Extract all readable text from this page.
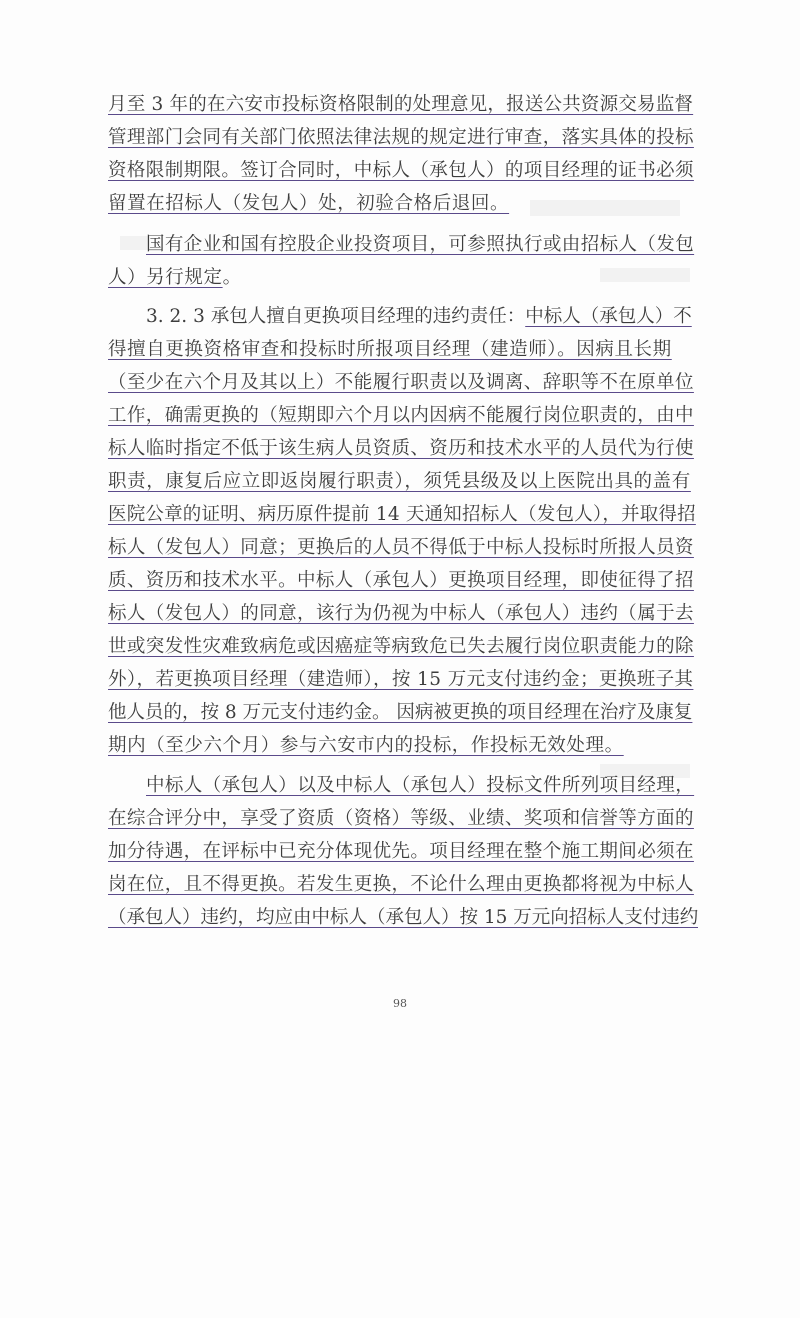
月至 3 年的在六安市投标资格限制的处理意见，报送公共资源交易监督
管理部门会同有关部门依照法律法规的规定进行审查，落实具体的投标
资格限制期限。签订合同时，中标人（承包人）的项目经理的证书必须
留置在招标人（发包人）处，初验合格后退回。
国有企业和国有控股企业投资项目，可参照执行或由招标人（发包
人）另行规定。
3. 2. 3 承包人擅自更换项目经理的违约责任：中标人（承包人）不
得擅自更换资格审查和投标时所报项目经理（建造师）。因病且长期
（至少在六个月及其以上）不能履行职责以及调离、辞职等不在原单位
工作，确需更换的（短期即六个月以内因病不能履行岗位职责的，由中
标人临时指定不低于该生病人员资质、资历和技术水平的人员代为行使
职责，康复后应立即返岗履行职责），须凭县级及以上医院出具的盖有
医院公章的证明、病历原件提前 14 天通知招标人（发包人），并取得招
标人（发包人）同意；更换后的人员不得低于中标人投标时所报人员资
质、资历和技术水平。中标人（承包人）更换项目经理，即使征得了招
标人（发包人）的同意，该行为仍视为中标人（承包人）违约（属于去
世或突发性灾难致病危或因癌症等病致危已失去履行岗位职责能力的除
外），若更换项目经理（建造师），按 15 万元支付违约金；更换班子其
他人员的，按 8 万元支付违约金。 因病被更换的项目经理在治疗及康复
期内（至少六个月）参与六安市内的投标，作投标无效处理。
中标人（承包人）以及中标人（承包人）投标文件所列项目经理，
在综合评分中，享受了资质（资格）等级、业绩、奖项和信誉等方面的
加分待遇，在评标中已充分体现优先。项目经理在整个施工期间必须在
岗在位，且不得更换。若发生更换，不论什么理由更换都将视为中标人
（承包人）违约，均应由中标人（承包人）按 15 万元向招标人支付违约
98
